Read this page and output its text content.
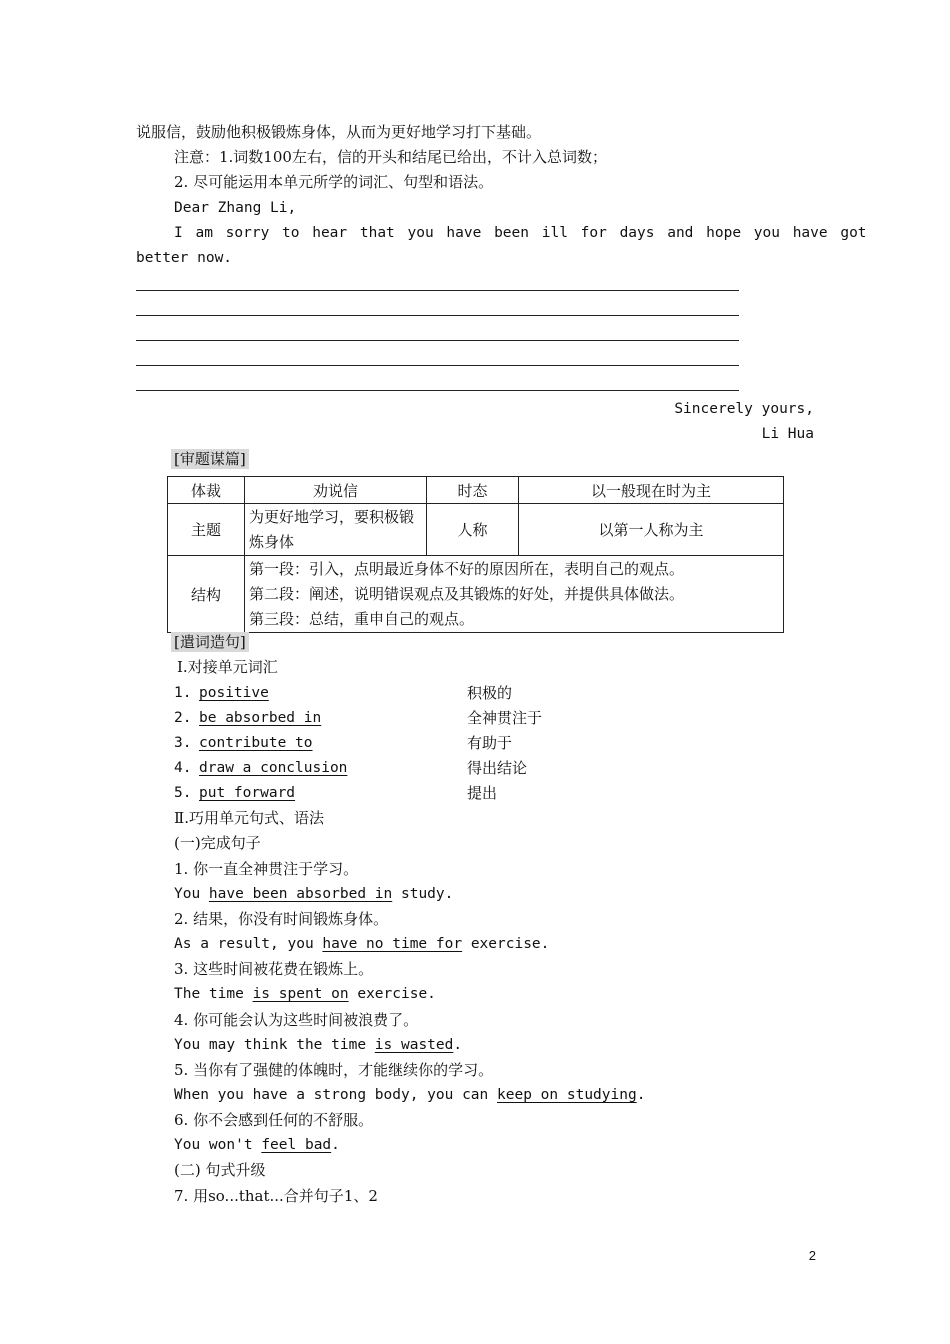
说服信，鼓励他积极锻炼身体，从而为更好地学习打下基础。
注意：1.词数100左右，信的开头和结尾已给出，不计入总词数；
2. 尽可能运用本单元所学的词汇、句型和语法。
Dear Zhang Li,
I am sorry to hear that you have been ill for days and hope you have got
better now.
Sincerely yours,
Li Hua
[审题谋篇]
体裁	劝说信	时态	以一般现在时为主
主题	为更好地学习，要积极锻炼身体	人称	以第一人称为主
结构	第一段：引入，点明最近身体不好的原因所在，表明自己的观点。
第二段：阐述，说明错误观点及其锻炼的好处，并提供具体做法。
第三段：总结，重申自己的观点。		
[遣词造句]
Ⅰ.对接单元词汇
1. positive	积极的
2. be absorbed in	全神贯注于
3. contribute to	有助于
4. draw a conclusion	得出结论
5. put forward	提出
Ⅱ.巧用单元句式、语法
(一)完成句子
1. 你一直全神贯注于学习。
You have been absorbed in study.
2. 结果，你没有时间锻炼身体。
As a result, you have no time for exercise.
3. 这些时间被花费在锻炼上。
The time is spent on exercise.
4. 你可能会认为这些时间被浪费了。
You may think the time is wasted.
5. 当你有了强健的体魄时，才能继续你的学习。
When you have a strong body, you can keep on studying.
6. 你不会感到任何的不舒服。
You won't feel bad.
(二) 句式升级
7. 用so...that...合并句子1、2
2
